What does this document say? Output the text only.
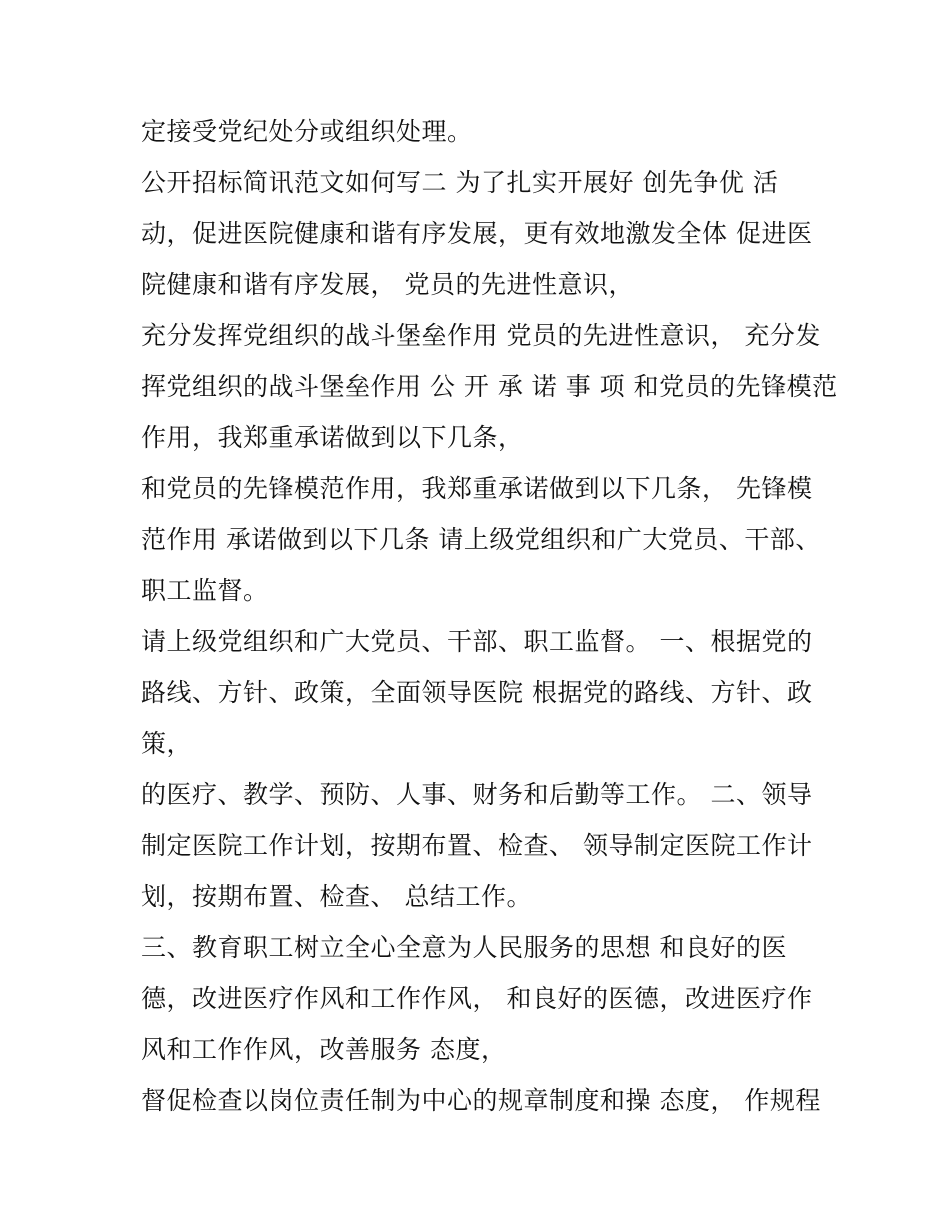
定接受党纪处分或组织处理。
公开招标简讯范文如何写二 为了扎实开展好 创先争优 活
动，促进医院健康和谐有序发展，更有效地激发全体 促进医
院健康和谐有序发展， 党员的先进性意识，
充分发挥党组织的战斗堡垒作用 党员的先进性意识， 充分发
挥党组织的战斗堡垒作用 公 开 承 诺 事 项 和党员的先锋模范
作用，我郑重承诺做到以下几条，
和党员的先锋模范作用，我郑重承诺做到以下几条， 先锋模
范作用 承诺做到以下几条 请上级党组织和广大党员、干部、
职工监督。
请上级党组织和广大党员、干部、职工监督。 一、根据党的
路线、方针、政策，全面领导医院 根据党的路线、方针、政
策，
的医疗、教学、预防、人事、财务和后勤等工作。 二、领导
制定医院工作计划，按期布置、检查、 领导制定医院工作计
划，按期布置、检查、 总结工作。
三、教育职工树立全心全意为人民服务的思想 和良好的医
德，改进医疗作风和工作作风， 和良好的医德，改进医疗作
风和工作作风，改善服务 态度，
督促检查以岗位责任制为中心的规章制度和操 态度， 作规程
